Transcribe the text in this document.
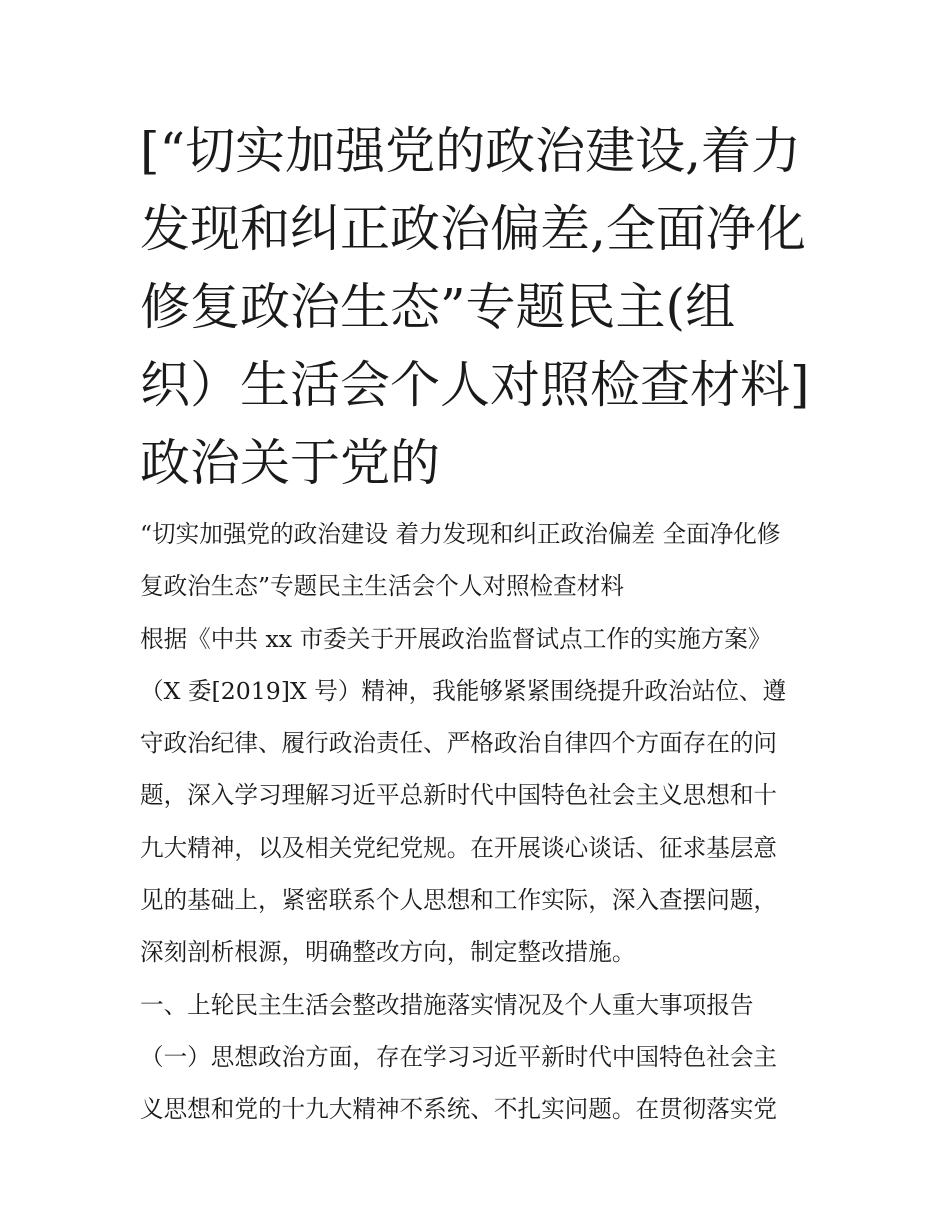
[“切实加强党的政治建设,着力
发现和纠正政治偏差,全面净化
修复政治生态”专题民主(组
织）生活会个人对照检查材料]
政治关于党的
“切实加强党的政治建设 着力发现和纠正政治偏差 全面净化修
复政治生态”专题民主生活会个人对照检查材料
根据《中共 xx 市委关于开展政治监督试点工作的实施方案》
（X 委[2019]X 号）精神，我能够紧紧围绕提升政治站位、遵
守政治纪律、履行政治责任、严格政治自律四个方面存在的问
题，深入学习理解习近平总新时代中国特色社会主义思想和十
九大精神，以及相关党纪党规。在开展谈心谈话、征求基层意
见的基础上，紧密联系个人思想和工作实际，深入查摆问题，
深刻剖析根源，明确整改方向，制定整改措施。
一、上轮民主生活会整改措施落实情况及个人重大事项报告
（一）思想政治方面，存在学习习近平新时代中国特色社会主
义思想和党的十九大精神不系统、不扎实问题。在贯彻落实党
